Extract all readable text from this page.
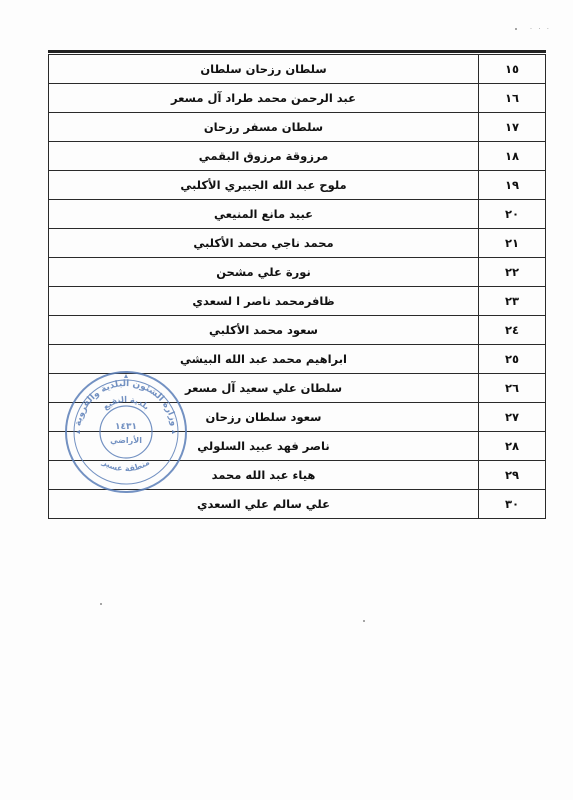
· · ·
١٥	سلطان رزحان سلطان
١٦	عبد الرحمن محمد طراد آل مسعر
١٧	سلطان مسفر رزحان
١٨	مرزوقة مرزوق البقمي
١٩	ملوح عبد الله الجبيري الأكلبي
٢٠	عبيد مانع المنيعي
٢١	محمد ناجي محمد الأكلبي
٢٢	نورة علي مشحن
٢٣	ظافرمحمد ناصر ا لسعدي
٢٤	سعود محمد الأكلبي
٢٥	ابراهيم محمد عبد الله البيشي
٢٦	سلطان علي سعيد آل مسعر
٢٧	سعود سلطان رزحان
٢٨	ناصر فهد عبيد السلولي
٢٩	هياء عبد الله محمد
٣٠	علي سالم علي السعدي
وزارة الشئون البلدية والقروية
بلدية النقيع
١٤٣١
الأراضي
منطقة عسير
